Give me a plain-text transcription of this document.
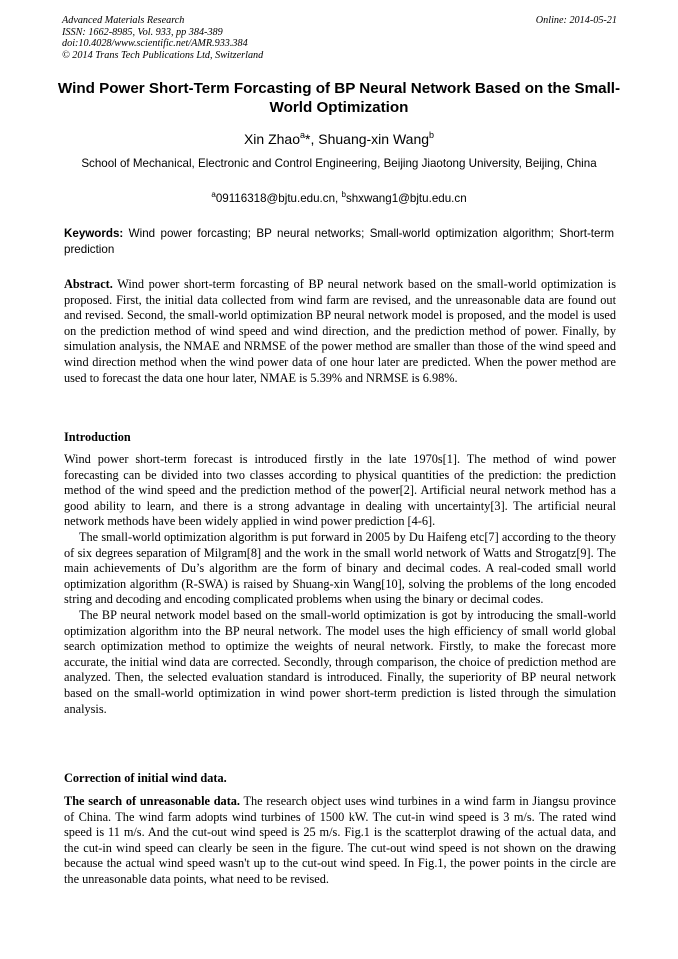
Advanced Materials Research
ISSN: 1662-8985, Vol. 933, pp 384-389
doi:10.4028/www.scientific.net/AMR.933.384
© 2014 Trans Tech Publications Ltd, Switzerland
Online: 2014-05-21
Wind Power Short-Term Forcasting of BP Neural Network Based on the Small-World Optimization
Xin Zhao$^a$*, Shuang-xin Wang$^b$
School of Mechanical, Electronic and Control Engineering, Beijing Jiaotong University, Beijing, China
$^a$09116318@bjtu.edu.cn, $^b$shxwang1@bjtu.edu.cn
Keywords: Wind power forcasting; BP neural networks; Small-world optimization algorithm; Short-term prediction

Abstract. Wind power short-term forcasting of BP neural network based on the small-world optimization is proposed. First, the initial data collected from wind farm are revised, and the unreasonable data are found out and revised. Second, the small-world optimization BP neural network model is proposed, and the model is used on the prediction method of wind speed and wind direction, and the prediction method of power. Finally, by simulation analysis, the NMAE and NRMSE of the power method are smaller than those of the wind speed and wind direction method when the wind power data of one hour later are predicted. When the power method are used to forecast the data one hour later, NMAE is 5.39% and NRMSE is 6.98%.

Introduction

Wind power short-term forecast is introduced firstly in the late 1970s[1]. The method of wind power forecasting can be divided into two classes according to physical quantities of the prediction: the prediction method of the wind speed and the prediction method of the power[2]. Artificial neural network method has a good ability to learn, and there is a strong advantage in dealing with uncertainty[3]. The artificial neural network methods have been widely applied in wind power prediction [4-6].

The small-world optimization algorithm is put forward in 2005 by Du Haifeng etc[7] according to the theory of six degrees separation of Milgram[8] and the work in the small world network of Watts and Strogatz[9]. The main achievements of Du’s algorithm are the form of binary and decimal codes. A real-coded small world optimization algorithm (R-SWA) is raised by Shuang-xin Wang[10], solving the problems of the long encoded string and decoding and encoding complicated problems when using the binary or decimal codes.

The BP neural network model based on the small-world optimization is got by introducing the small-world optimization algorithm into the BP neural network. The model uses the high efficiency of small world global search optimization method to optimize the weights of neural network. Firstly, to make the forecast more accurate, the initial wind data are corrected. Secondly, through comparison, the choice of prediction method are analyzed. Then, the selected evaluation standard is introduced. Finally, the superiority of BP neural network based on the small-world optimization in wind power short-term prediction is listed through the simulation analysis.

Correction of initial wind data.

The search of unreasonable data. The research object uses wind turbines in a wind farm in Jiangsu province of China. The wind farm adopts wind turbines of 1500 kW. The cut-in wind speed is 3 m/s. The rated wind speed is 11 m/s. And the cut-out wind speed is 25 m/s. Fig.1 is the scatterplot drawing of the actual data, and the cut-in wind speed can clearly be seen in the figure. The cut-out wind speed is not shown on the drawing because the actual wind speed wasn't up to the cut-out wind speed. In Fig.1, the power points in the circle are the unreasonable data points, what need to be revised.
